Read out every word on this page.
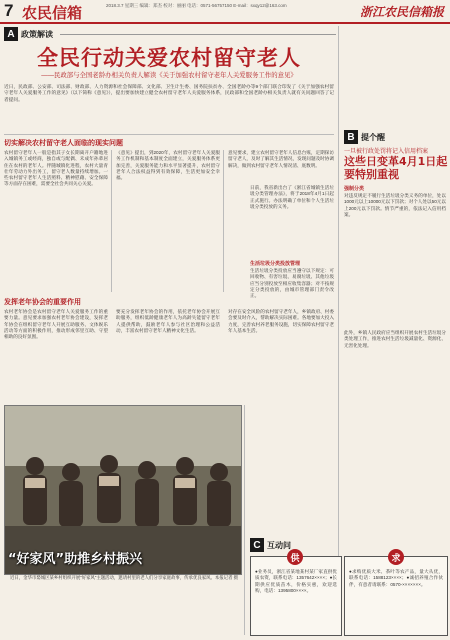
7 农民信箱	2018.3.7 星期三 编辑：郑杰 校对：丽丽 电话：0571-56757150 E-mail：sxqy12@163.com	浙江农民信箱报
A 政策解读
全民行动关爱农村留守老人
——民政部与全国老龄办相关负责人解读《关于加强农村留守老年人关爱服务工作的意见》
近日，民政部、公安部、司法部、财政部、人力资源和社会保障部、文化部、卫生计生委、国务院扶贫办、全国老龄办等9个部门联合印发了《关于加强农村留守老年人关爱服务工作的意见》（以下简称《意见》），提出要加快建立健全农村留守老年人关爱服务体系，民政部和全国老龄办相关负责人就有关问题回答了记者提问。
切实解决农村留守老人面临的现实问题
农村留守老年人一般是指其子女长期离开户籍地进入城镇务工或经商，独自或与配偶、未成年孙辈居住在农村的老年人。伴随城镇化进程，农村大量青壮年劳动力外出务工，留守老人数量持续增加。一些农村留守老年人生活照料、精神慰藉、安全保障等方面存在困难，需要全社会共同关心关爱。
《意见》提出，到2020年，农村留守老年人关爱服务工作机制和基本制度全面建立，关爱服务体系更加完善，关爱服务能力和水平显著提升，农村留守老年人合法权益得到有效保障，生活更加安全幸福。
意见要求，建立农村留守老年人信息台账，定期探访留守老人，及时了解其生活情况，发现问题及时协调解决，做到农村留守老年人情况清、底数明。
发挥老年协会的重要作用
农村老年协会是农村留守老年人关爱服务工作的重要力量。意见要求加强农村老年协会建设，发挥老年协会在组织留守老年人开展互助服务、文体娱乐活动等方面的积极作用，推动形成邻里互助、守望相助的良好氛围。
要充分发挥老年协会的作用，依托老年协会开展互助服务，组织低龄健康老年人为高龄失能留守老年人提供帮助，鼓励老年人参与社区治理和公益活动，丰富农村留守老年人精神文化生活。
对存在安全风险的农村留守老年人，乡镇政府、村委会要及时介入，帮助解决实际困难。各地要加大投入力度，完善农村养老服务设施，切实保障农村留守老年人基本生活。
“好家风”助推乡村振兴
近日，金华市婺城区某乡村组织开展“好家风”主题活动，邀请村里的老人们分享家庭故事，传承优良家风。本报记者 摄
B 提个醒
一旦被行政处罚将记入信用档案
这些日变革4月1日起要特别重视
日前，我省新出台了《浙江省城镇生活垃圾分类管理办法》，将于2018年4月1日起正式施行。办法明确了单位和个人生活垃圾分类投放的义务。
生活垃圾分类投放管理
生活垃圾分类投放应当遵守以下规定：可回收物、有害垃圾、易腐垃圾、其他垃圾应当分别投放至相应收集容器；对不按规定分类投放的，由城市管理部门责令改正。
强制分类
对违反规定不履行生活垃圾分类义务的单位，处以1000元以上10000元以下罚款；对个人处以50元以上200元以下罚款。情节严重的，依法记入信用档案。
此外，乡镇人民政府应当组织开展农村生活垃圾分类处理工作，推进农村生活垃圾减量化、资源化、无害化处理。
C 互动问
供
●业务员，浙江省某地某村某厂家直供优质农资，联系电话：1357642××××；●长期供应优质苗木，价格实惠，欢迎选购，电话：1395800××××。
求
●求购优质大米、茶叶等农产品，量大从优，联系电话：1588123××××；●诚招养殖合作伙伴，有意者请联系：0570-×××××××。
